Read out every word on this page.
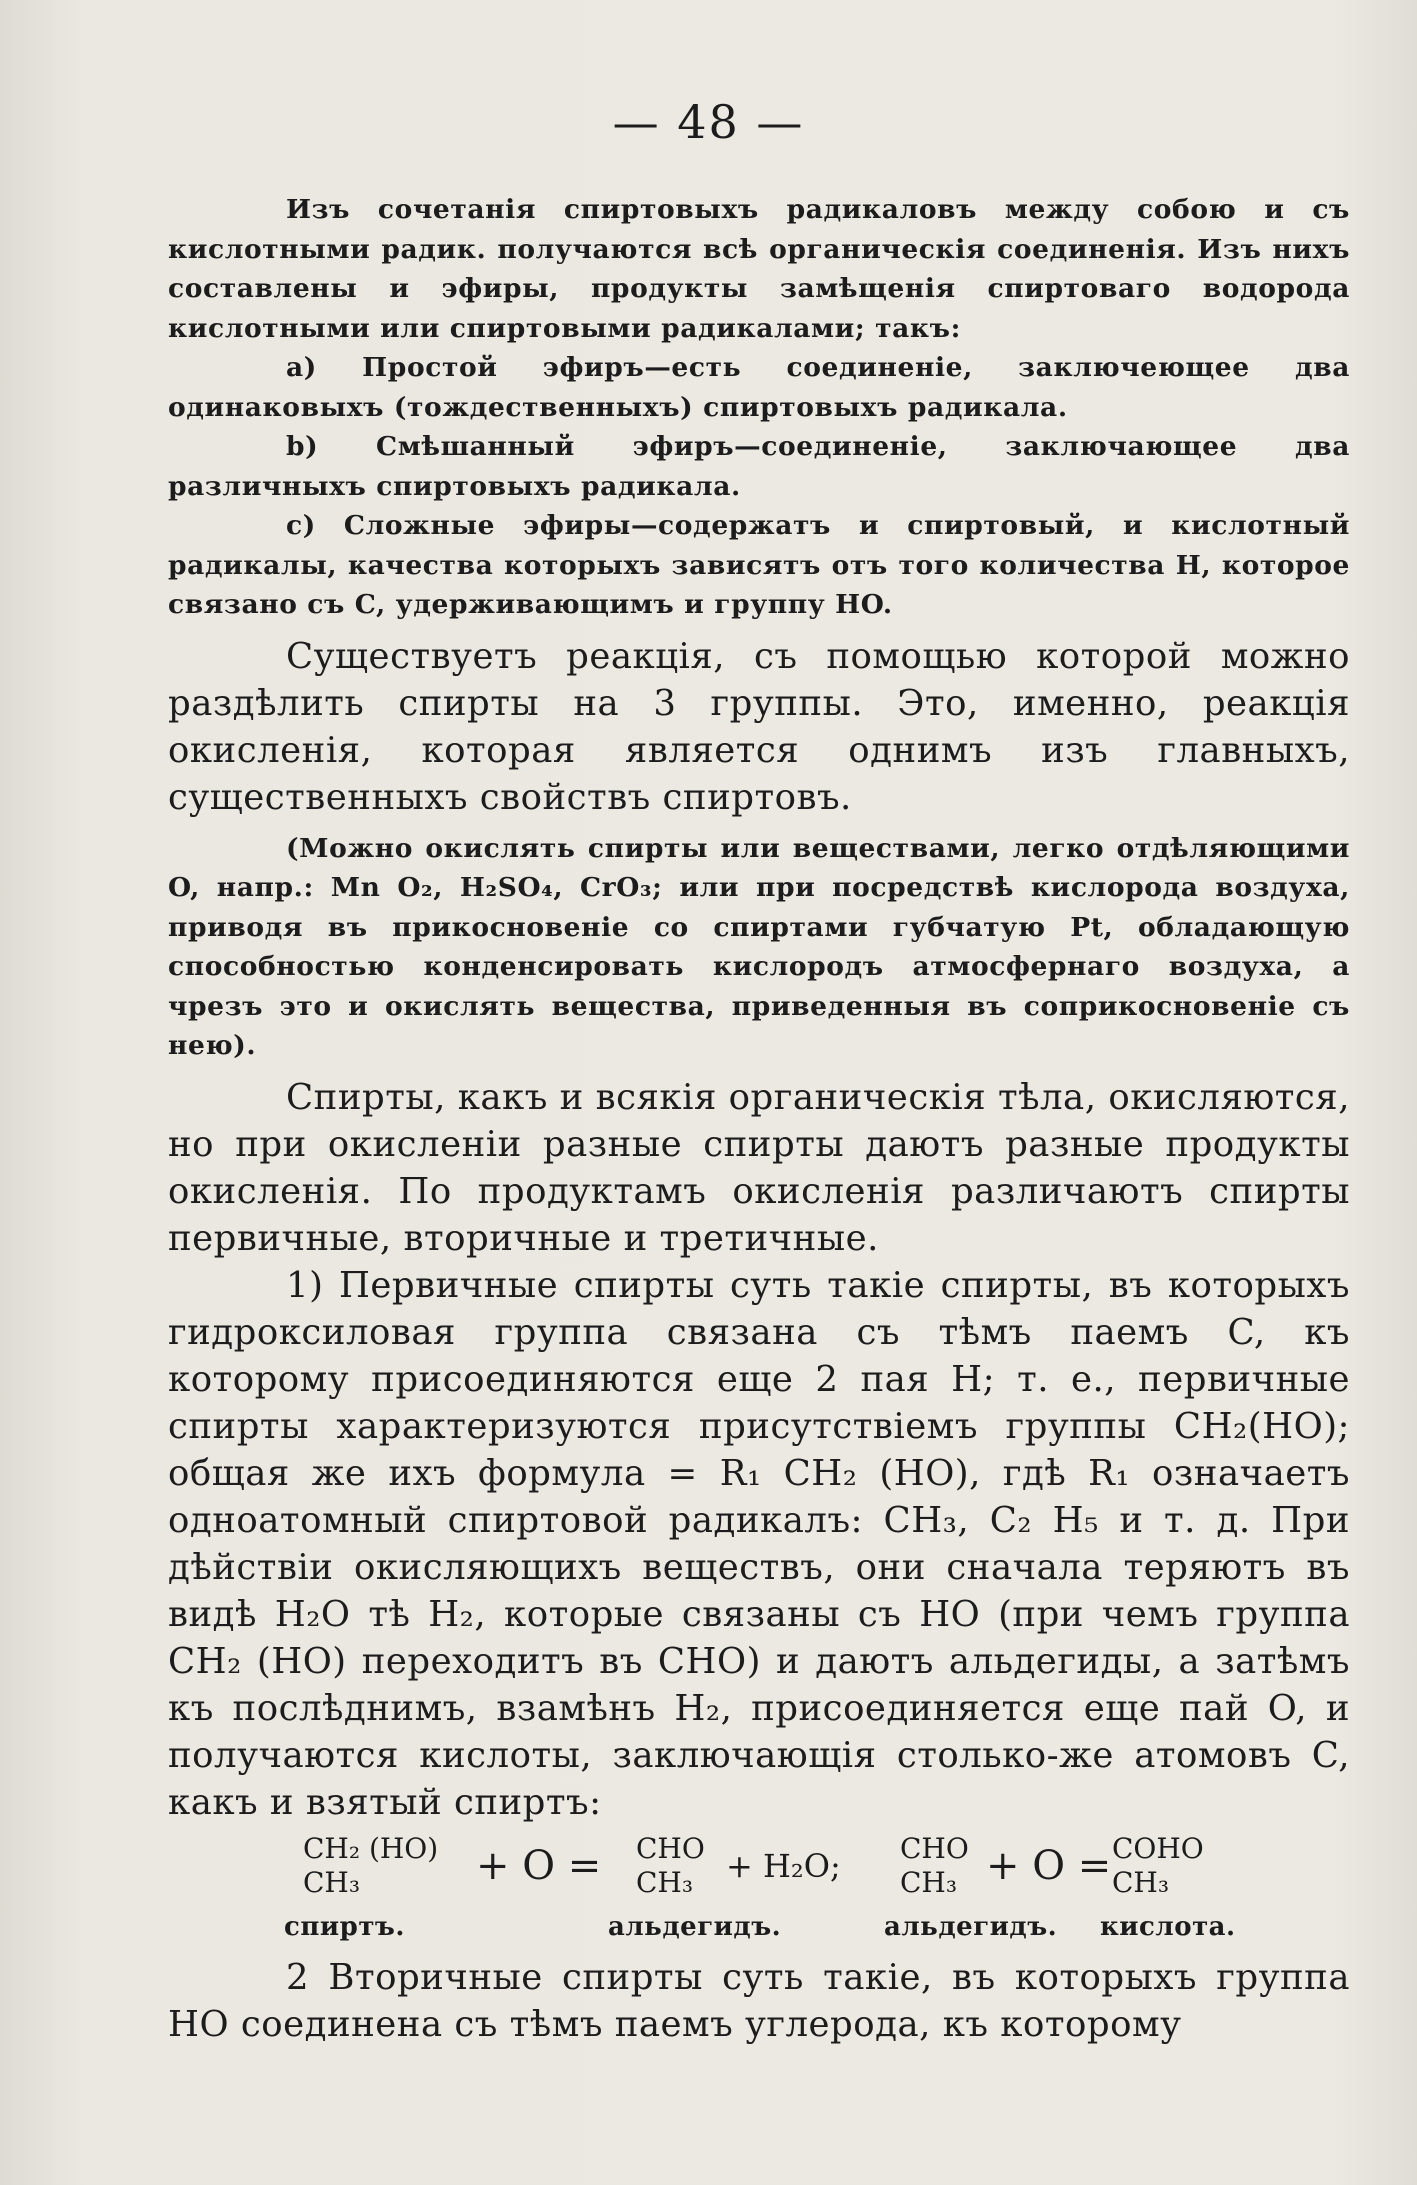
— 48 —

Изъ сочетанія спиртовыхъ радикаловъ между собою и съ кислотными радик. получаются всѣ органическія соединенія. Изъ нихъ составлены и эфиры, продукты замѣщенія спиртоваго водорода кислотными или спиртовыми радикалами; такъ:

a) Простой эфиръ—есть соединеніе, заключеющее два одинаковыхъ (тождественныхъ) спиртовыхъ радикала.

b) Смѣшанный эфиръ—соединеніе, заключающее два различныхъ спиртовыхъ радикала.

c) Сложные эфиры—содержатъ и спиртовый, и кислотный радикалы, качества которыхъ зависятъ отъ того количества H, которое связано съ C, удерживающимъ и группу HO.

Существуетъ реакція, съ помощью которой можно раздѣлить спирты на 3 группы. Это, именно, реакція окисленія, которая является однимъ изъ главныхъ, существенныхъ свойствъ спиртовъ.

(Можно окислять спирты или веществами, легко отдѣляющими O, напр.: Mn O₂, H₂SO₄, CrO₃; или при посредствѣ кислорода воздуха, приводя въ прикосновеніе со спиртами губчатую Pt, обладающую способностью конденсировать кислородъ атмосфернаго воздуха, а чрезъ это и окислять вещества, приведенныя въ соприкосновеніе съ нею).

Спирты, какъ и всякія органическія тѣла, окисляются, но при окисленіи разные спирты даютъ разные продукты окисленія. По продуктамъ окисленія различаютъ спирты первичные, вторичные и третичные.

1) Первичные спирты суть такіе спирты, въ которыхъ гидроксиловая группа связана съ тѣмъ паемъ C, къ которому присоединяются еще 2 пая H; т. е., первичные спирты характеризуются присутствіемъ группы CH₂(HO); общая же ихъ формула = R₁ CH₂ (HO), гдѣ R₁ означаетъ одноатомный спиртовой радикалъ: CH₃, C₂ H₅ и т. д. При дѣйствіи окисляющихъ веществъ, они сначала теряютъ въ видѣ H₂O тѣ H₂, которые связаны съ HO (при чемъ группа CH₂ (HO) переходитъ въ CHO) и даютъ альдегиды, а затѣмъ къ послѣднимъ, взамѣнъ H₂, присоединяется еще пай O, и получаются кислоты, заключающія столько-же атомовъ C, какъ и взятый спиртъ:

CH₂ (HO)
CH₃	+ O = CHO
CH₃	+ H₂O; CHO
CH₃ + O = COHO
CH₃
спиртъ.	альдегидъ.	альдегидъ. кислота.

2 Вторичные спирты суть такіе, въ которыхъ группа HO соединена съ тѣмъ паемъ углерода, къ которому
